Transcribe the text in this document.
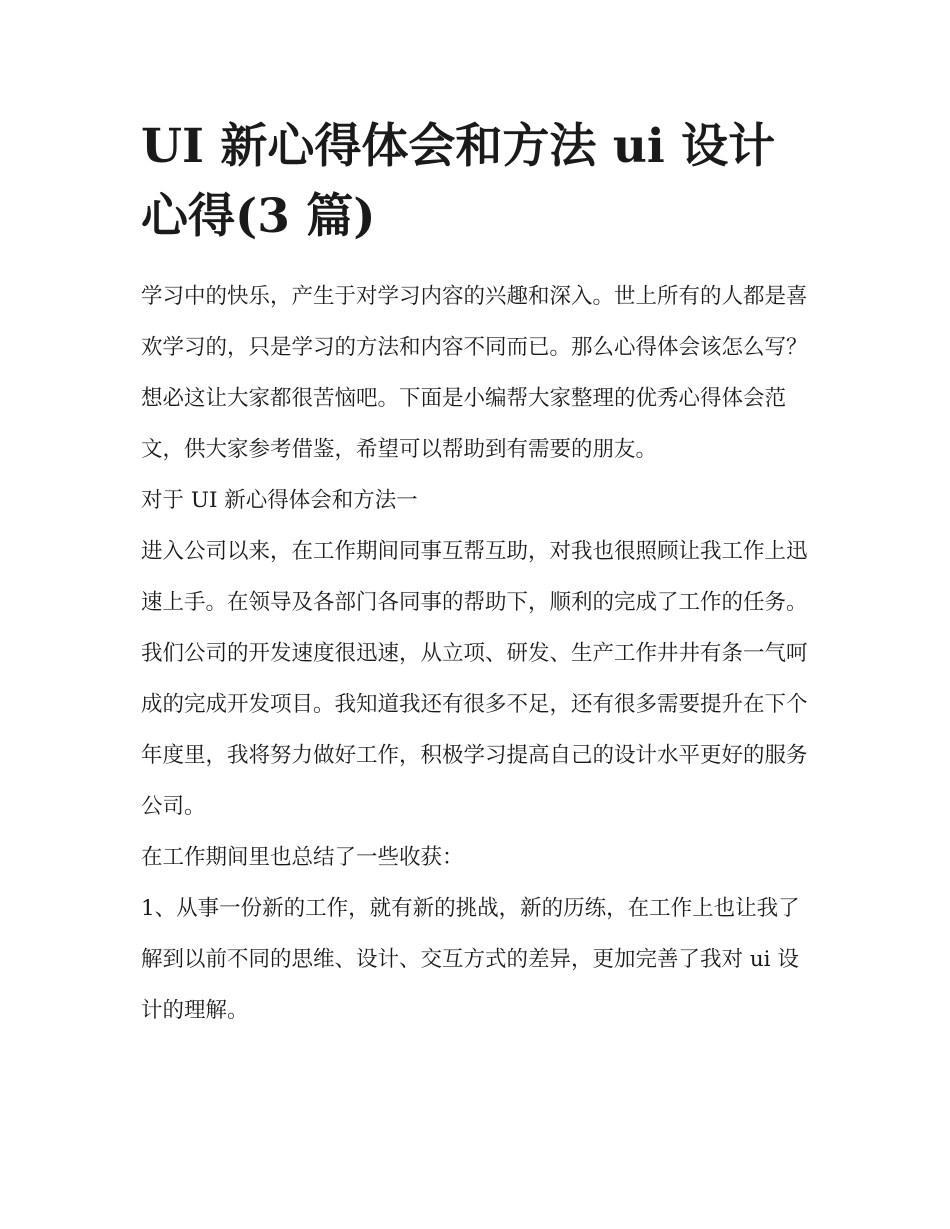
UI 新心得体会和方法 ui 设计心得(3 篇)

学习中的快乐，产生于对学习内容的兴趣和深入。世上所有的人都是喜欢学习的，只是学习的方法和内容不同而已。那么心得体会该怎么写？想必这让大家都很苦恼吧。下面是小编帮大家整理的优秀心得体会范文，供大家参考借鉴，希望可以帮助到有需要的朋友。

对于 UI 新心得体会和方法一

进入公司以来，在工作期间同事互帮互助，对我也很照顾让我工作上迅速上手。在领导及各部门各同事的帮助下，顺利的完成了工作的任务。我们公司的开发速度很迅速，从立项、研发、生产工作井井有条一气呵成的完成开发项目。我知道我还有很多不足，还有很多需要提升在下个年度里，我将努力做好工作，积极学习提高自己的设计水平更好的服务公司。

在工作期间里也总结了一些收获：

1、从事一份新的工作，就有新的挑战，新的历练，在工作上也让我了解到以前不同的思维、设计、交互方式的差异，更加完善了我对 ui 设计的理解。
